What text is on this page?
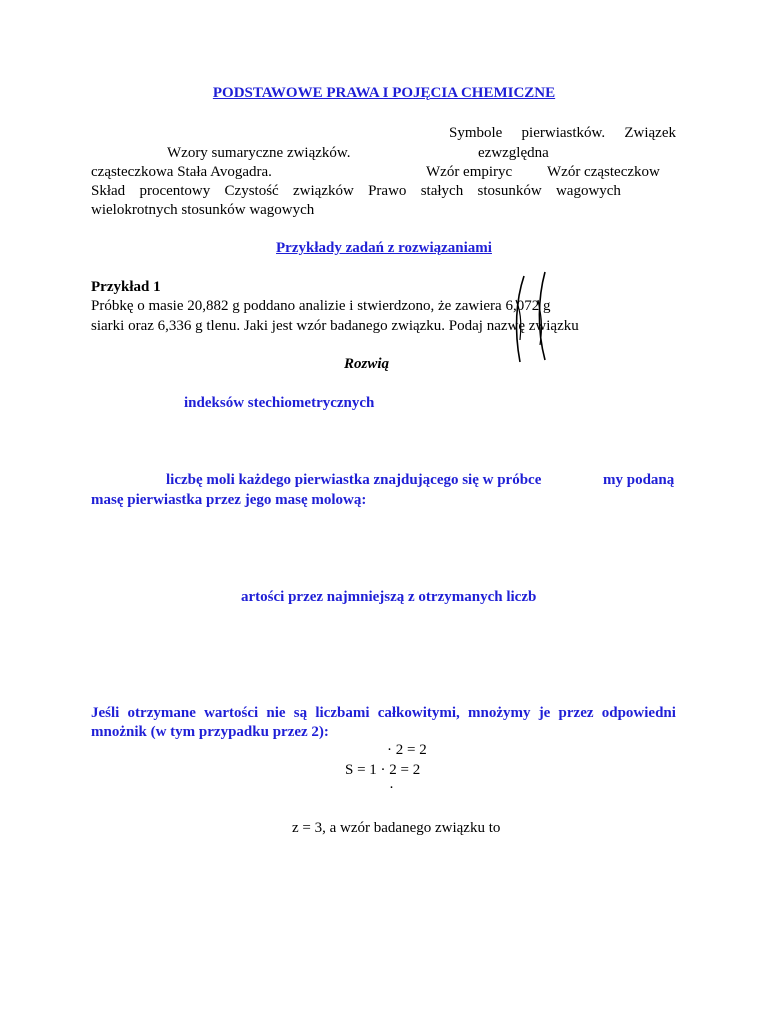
PODSTAWOWE PRAWA I POJĘCIA CHEMICZNE
Symbole pierwiastków. Związek
Wzory sumaryczne związków.	ezwzględna
cząsteczkowa Stała Avogadra.	Wzór empiryc Wzór cząsteczkow
Skład procentowy Czystość związków Prawo stałych stosunków wagowych
wielokrotnych stosunków wagowych
Przykłady zadań z rozwiązaniami
Przykład 1
Próbkę o masie 20,882 g poddano analizie i stwierdzono, że zawiera 6,072 g
siarki oraz 6,336 g tlenu. Jaki jest wzór badanego związku. Podaj nazwę związku
Rozwią
indeksów stechiometrycznych
liczbę moli każdego pierwiastka znajdującego się w próbce	my podaną
masę pierwiastka przez jego masę molową:
artości przez najmniejszą z otrzymanych liczb
Jeśli otrzymane wartości nie są liczbami całkowitymi, mnożymy je przez odpowiedni
mnożnik (w tym przypadku przez 2):
· 2 = 2
S = 1 · 2 = 2
·
z = 3, a wzór badanego związku to
